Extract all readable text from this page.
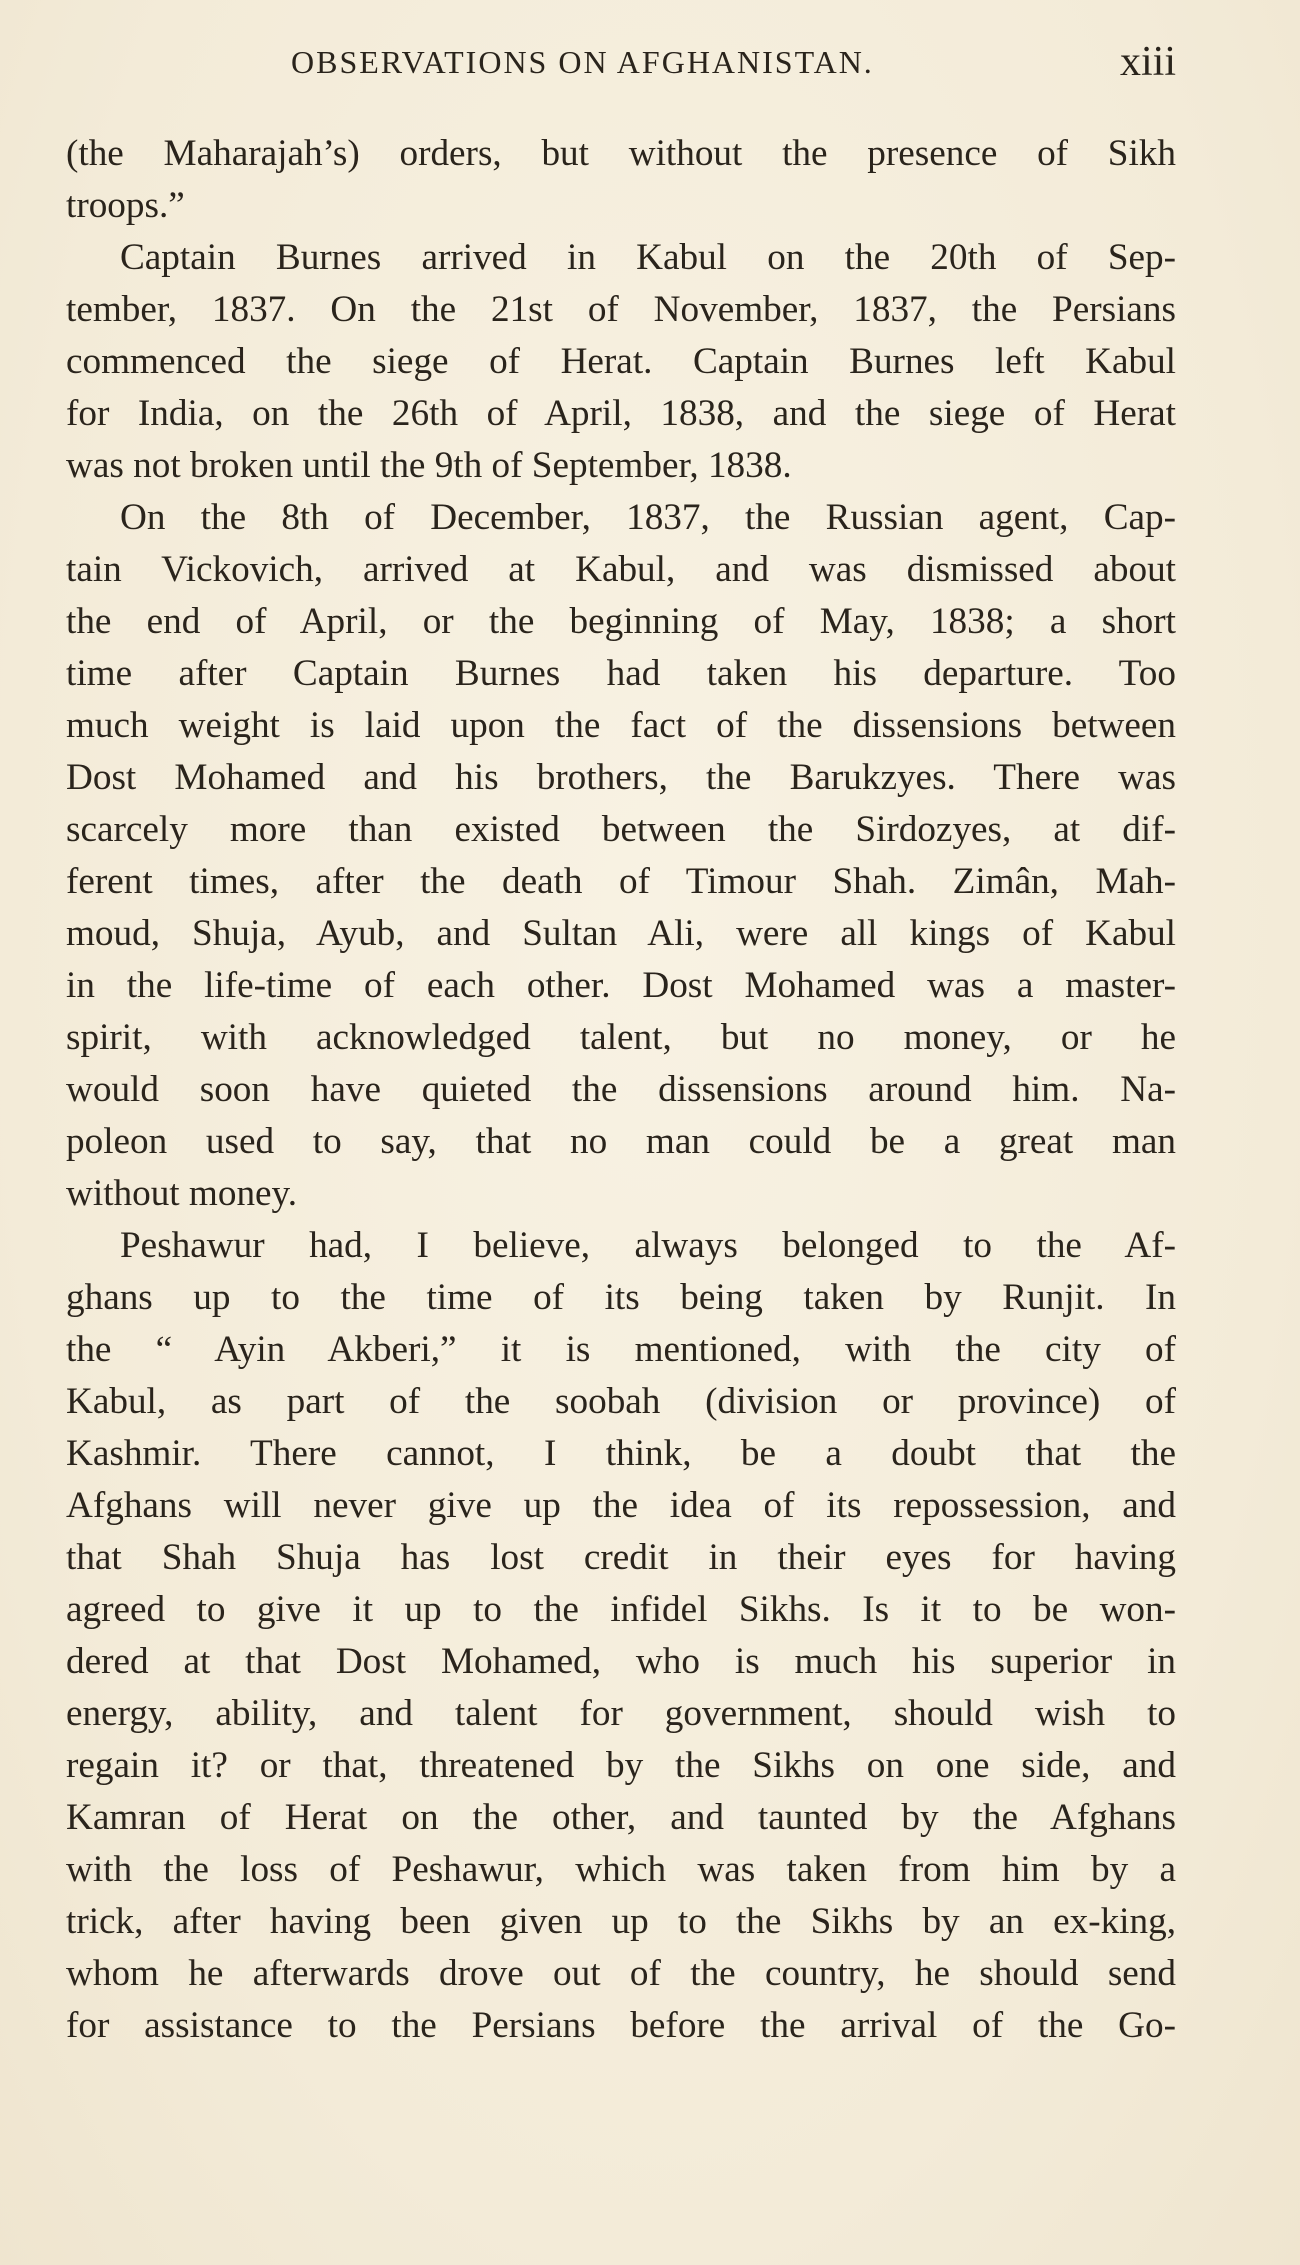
OBSERVATIONS ON AFGHANISTAN.	xiii
(the Maharajah’s) orders, but without the presence of Sikh
troops.”
Captain Burnes arrived in Kabul on the 20th of Sep-
tember, 1837. On the 21st of November, 1837, the Persians
commenced the siege of Herat. Captain Burnes left Kabul
for India, on the 26th of April, 1838, and the siege of Herat
was not broken until the 9th of September, 1838.
On the 8th of December, 1837, the Russian agent, Cap-
tain Vickovich, arrived at Kabul, and was dismissed about
the end of April, or the beginning of May, 1838; a short
time after Captain Burnes had taken his departure. Too
much weight is laid upon the fact of the dissensions between
Dost Mohamed and his brothers, the Barukzyes. There was
scarcely more than existed between the Sirdozyes, at dif-
ferent times, after the death of Timour Shah. Zimân, Mah-
moud, Shuja, Ayub, and Sultan Ali, were all kings of Kabul
in the life-time of each other. Dost Mohamed was a master-
spirit, with acknowledged talent, but no money, or he
would soon have quieted the dissensions around him. Na-
poleon used to say, that no man could be a great man
without money.
Peshawur had, I believe, always belonged to the Af-
ghans up to the time of its being taken by Runjit. In
the “ Ayin Akberi,” it is mentioned, with the city of
Kabul, as part of the soobah (division or province) of
Kashmir. There cannot, I think, be a doubt that the
Afghans will never give up the idea of its repossession, and
that Shah Shuja has lost credit in their eyes for having
agreed to give it up to the infidel Sikhs. Is it to be won-
dered at that Dost Mohamed, who is much his superior in
energy, ability, and talent for government, should wish to
regain it? or that, threatened by the Sikhs on one side, and
Kamran of Herat on the other, and taunted by the Afghans
with the loss of Peshawur, which was taken from him by a
trick, after having been given up to the Sikhs by an ex-king,
whom he afterwards drove out of the country, he should send
for assistance to the Persians before the arrival of the Go-
